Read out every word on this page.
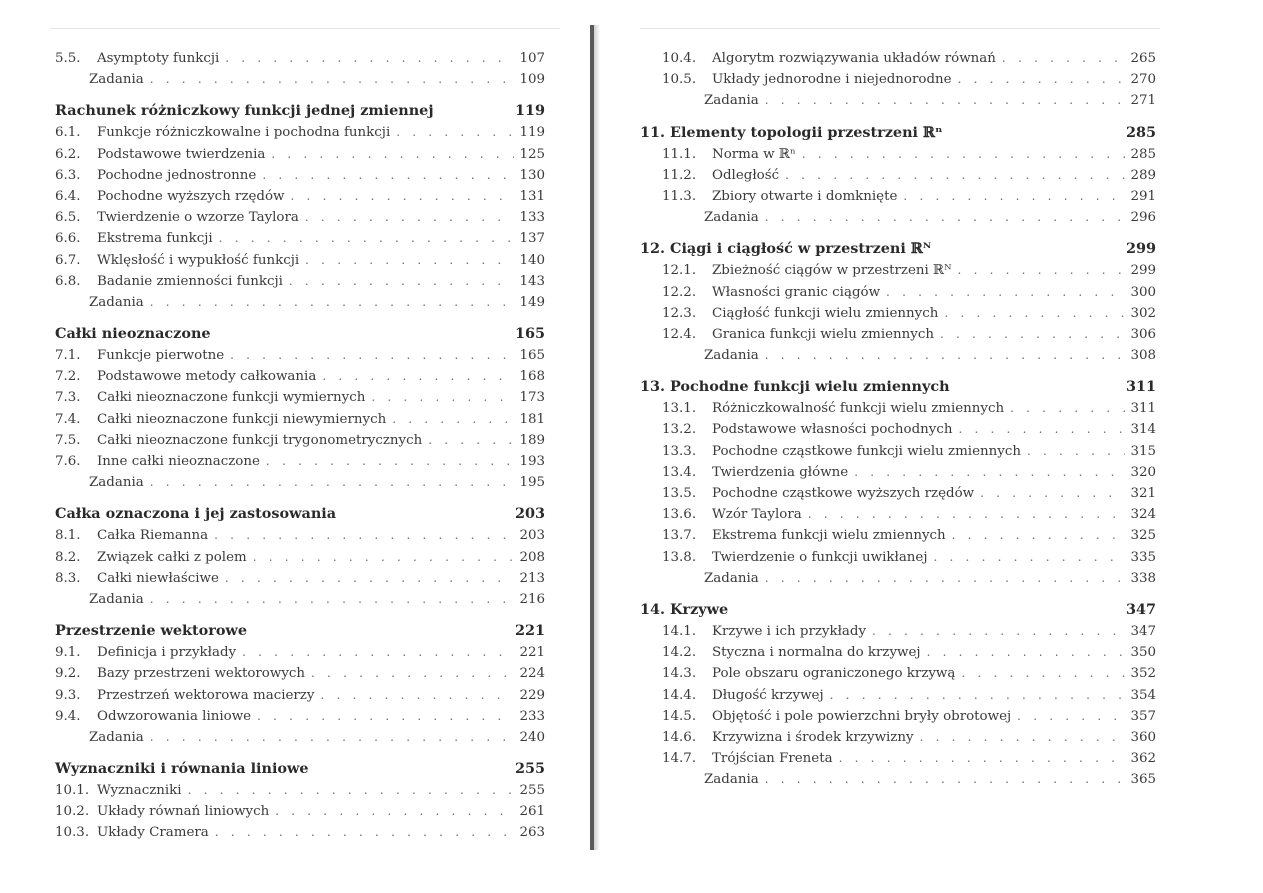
5.5.	Asymptoty funkcji . . .	107
Zadania . . .	109
Rachunek różniczkowy funkcji jednej zmiennej	119
6.1.	Funkcje różniczkowalne i pochodna funkcji . . .	119
6.2.	Podstawowe twierdzenia . . .	125
6.3.	Pochodne jednostronne . . .	130
6.4.	Pochodne wyższych rzędów . . .	131
6.5.	Twierdzenie o wzorze Taylora . . .	133
6.6.	Ekstrema funkcji . . .	137
6.7.	Wklęsłość i wypukłość funkcji . . .	140
6.8.	Badanie zmienności funkcji . . .	143
Zadania . . .	149
Całki nieoznaczone	165
7.1.	Funkcje pierwotne . . .	165
7.2.	Podstawowe metody całkowania . . .	168
7.3.	Całki nieoznaczone funkcji wymiernych . . .	173
7.4.	Całki nieoznaczone funkcji niewymiernych . . .	181
7.5.	Całki nieoznaczone funkcji trygonometrycznych . . .	189
7.6.	Inne całki nieoznaczone . . .	193
Zadania . . .	195
Całka oznaczona i jej zastosowania	203
8.1.	Całka Riemanna . . .	203
8.2.	Związek całki z polem . . .	208
8.3.	Całki niewłaściwe . . .	213
Zadania . . .	216
Przestrzenie wektorowe	221
9.1.	Definicja i przykłady . . .	221
9.2.	Bazy przestrzeni wektorowych . . .	224
9.3.	Przestrzeń wektorowa macierzy . . .	229
9.4.	Odwzorowania liniowe . . .	233
Zadania . . .	240
Wyznaczniki i równania liniowe	255
10.1. Wyznaczniki . . .	255
10.2. Układy równań liniowych . . .	261
10.3. Układy Cramera . . .	263
10.4.	Algorytm rozwiązywania układów równań . . .	265
10.5.	Układy jednorodne i niejednorodne . . .	270
Zadania . . .	271
11. Elementy topologii przestrzeni ℝⁿ	285
11.1.	Norma w ℝⁿ . . .	285
11.2.	Odległość . . .	289
11.3.	Zbiory otwarte i domknięte . . .	291
Zadania . . .	296
12. Ciągi i ciągłość w przestrzeni ℝᴺ	299
12.1.	Zbieżność ciągów w przestrzeni ℝᴺ . . .	299
12.2.	Własności granic ciągów . . .	300
12.3.	Ciągłość funkcji wielu zmiennych . . .	302
12.4.	Granica funkcji wielu zmiennych . . .	306
Zadania . . .	308
13. Pochodne funkcji wielu zmiennych	311
13.1.	Różniczkowalność funkcji wielu zmiennych . . .	311
13.2.	Podstawowe własności pochodnych . . .	314
13.3.	Pochodne cząstkowe funkcji wielu zmiennych . . .	315
13.4.	Twierdzenia główne . . .	320
13.5.	Pochodne cząstkowe wyższych rzędów . . .	321
13.6.	Wzór Taylora . . .	324
13.7.	Ekstrema funkcji wielu zmiennych . . .	325
13.8.	Twierdzenie o funkcji uwikłanej . . .	335
Zadania . . .	338
14. Krzywe	347
14.1.	Krzywe i ich przykłady . . .	347
14.2.	Styczna i normalna do krzywej . . .	350
14.3.	Pole obszaru ograniczonego krzywą . . .	352
14.4.	Długość krzywej . . .	354
14.5.	Objętość i pole powierzchni bryły obrotowej . . .	357
14.6.	Krzywizna i środek krzywizny . . .	360
14.7.	Trójścian Freneta . . .	362
Zadania . . .	365
